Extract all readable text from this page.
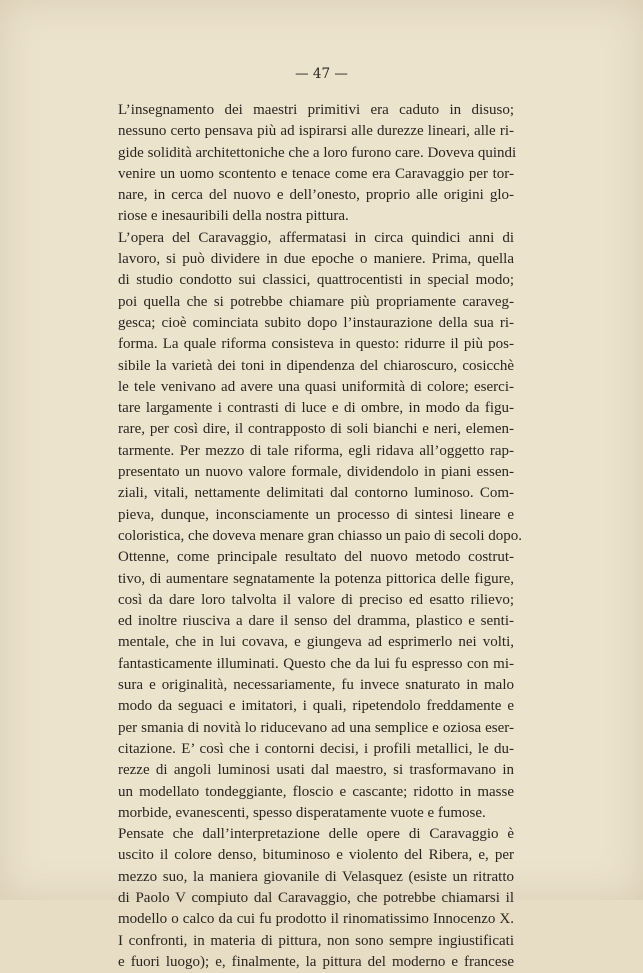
— 47 —
L’insegnamento dei maestri primitivi era caduto in disuso;
nessuno certo pensava più ad ispirarsi alle durezze lineari, alle ri-
gide solidità architettoniche che a loro furono care. Doveva quindi
venire un uomo scontento e tenace come era Caravaggio per tor-
nare, in cerca del nuovo e dell’onesto, proprio alle origini glo-
riose e inesauribili della nostra pittura.
L’opera del Caravaggio, affermatasi in circa quindici anni di
lavoro, si può dividere in due epoche o maniere. Prima, quella
di studio condotto sui classici, quattrocentisti in special modo;
poi quella che si potrebbe chiamare più propriamente caraveg-
gesca; cioè cominciata subito dopo l’instaurazione della sua ri-
forma. La quale riforma consisteva in questo: ridurre il più pos-
sibile la varietà dei toni in dipendenza del chiaroscuro, cosicchè
le tele venivano ad avere una quasi uniformità di colore; eserci-
tare largamente i contrasti di luce e di ombre, in modo da figu-
rare, per così dire, il contrapposto di soli bianchi e neri, elemen-
tarmente. Per mezzo di tale riforma, egli ridava all’oggetto rap-
presentato un nuovo valore formale, dividendolo in piani essen-
ziali, vitali, nettamente delimitati dal contorno luminoso. Com-
pieva, dunque, inconsciamente un processo di sintesi lineare e
coloristica, che doveva menare gran chiasso un paio di secoli dopo.
Ottenne, come principale resultato del nuovo metodo costrut-
tivo, di aumentare segnatamente la potenza pittorica delle figure,
così da dare loro talvolta il valore di preciso ed esatto rilievo;
ed inoltre riusciva a dare il senso del dramma, plastico e senti-
mentale, che in lui covava, e giungeva ad esprimerlo nei volti,
fantasticamente illuminati. Questo che da lui fu espresso con mi-
sura e originalità, necessariamente, fu invece snaturato in malo
modo da seguaci e imitatori, i quali, ripetendolo freddamente e
per smania di novità lo riducevano ad una semplice e oziosa eser-
citazione. E’ così che i contorni decisi, i profili metallici, le du-
rezze di angoli luminosi usati dal maestro, si trasformavano in
un modellato tondeggiante, floscio e cascante; ridotto in masse
morbide, evanescenti, spesso disperatamente vuote e fumose.
Pensate che dall’interpretazione delle opere di Caravaggio è
uscito il colore denso, bituminoso e violento del Ribera, e, per
mezzo suo, la maniera giovanile di Velasquez (esiste un ritratto
di Paolo V compiuto dal Caravaggio, che potrebbe chiamarsi il
modello o calco da cui fu prodotto il rinomatissimo Innocenzo X.
I confronti, in materia di pittura, non sono sempre ingiustificati
e fuori luogo); e, finalmente, la pittura del moderno e francese
